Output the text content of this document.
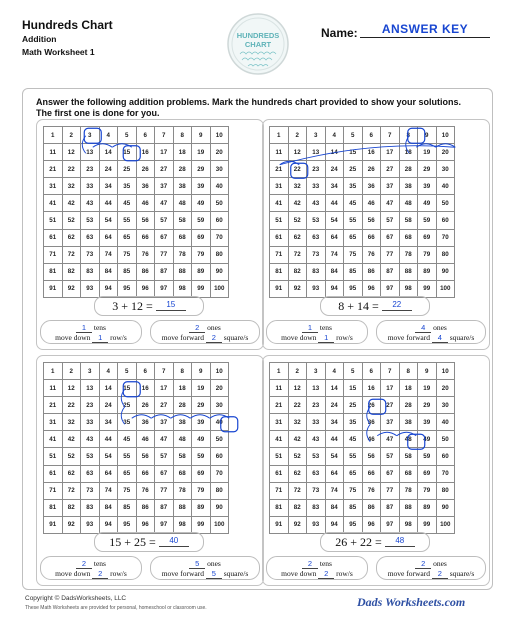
Hundreds Chart
Addition
Math Worksheet 1
HUNDREDS
CHART
Name:	ANSWER KEY
Answer the following addition problems. Mark the hundreds chart provided to show your solutions. The first one is done for you.
1	2	3	4	5	6	7	8	9	10
11	12	13	14	15	16	17	18	19	20
21	22	23	24	25	26	27	28	29	30
31	32	33	34	35	36	37	38	39	40
41	42	43	44	45	46	47	48	49	50
51	52	53	54	55	56	57	58	59	60
61	62	63	64	65	66	67	68	69	70
71	72	73	74	75	76	77	78	79	80
81	82	83	84	85	86	87	88	89	90
91	92	93	94	95	96	97	98	99	100
3 + 12 = 15
1 tens
move down 1 row/s
2 ones
move forward 2 square/s
1	2	3	4	5	6	7	8	9	10
11	12	13	14	15	16	17	18	19	20
21	22	23	24	25	26	27	28	29	30
31	32	33	34	35	36	37	38	39	40
41	42	43	44	45	46	47	48	49	50
51	52	53	54	55	56	57	58	59	60
61	62	63	64	65	66	67	68	69	70
71	72	73	74	75	76	77	78	79	80
81	82	83	84	85	86	87	88	89	90
91	92	93	94	95	96	97	98	99	100
8 + 14 = 22
1 tens
move down 1 row/s
4 ones
move forward 4 square/s
1	2	3	4	5	6	7	8	9	10
11	12	13	14	15	16	17	18	19	20
21	22	23	24	25	26	27	28	29	30
31	32	33	34	35	36	37	38	39	40
41	42	43	44	45	46	47	48	49	50
51	52	53	54	55	56	57	58	59	60
61	62	63	64	65	66	67	68	69	70
71	72	73	74	75	76	77	78	79	80
81	82	83	84	85	86	87	88	89	90
91	92	93	94	95	96	97	98	99	100
15 + 25 = 40
2 tens
move down 2 row/s
5 ones
move forward 5 square/s
1	2	3	4	5	6	7	8	9	10
11	12	13	14	15	16	17	18	19	20
21	22	23	24	25	26	27	28	29	30
31	32	33	34	35	36	37	38	39	40
41	42	43	44	45	46	47	48	49	50
51	52	53	54	55	56	57	58	59	60
61	62	63	64	65	66	67	68	69	70
71	72	73	74	75	76	77	78	79	80
81	82	83	84	85	86	87	88	89	90
91	92	93	94	95	96	97	98	99	100
26 + 22 = 48
2 tens
move down 2 row/s
2 ones
move forward 2 square/s
Copyright © DadsWorksheets, LLC
These Math Worksheets are provided for personal, homeschool or classroom use.	Dads Worksheets.com
